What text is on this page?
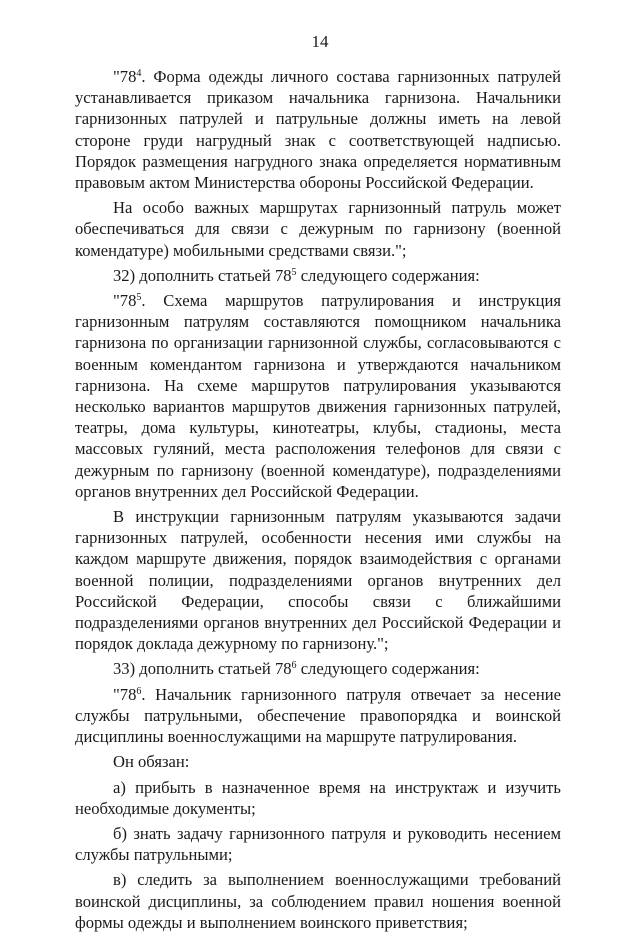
14

"$78^4$. Форма одежды личного состава гарнизонных патрулей устанавливается приказом начальника гарнизона. Начальники гарнизонных патрулей и патрульные должны иметь на левой стороне груди нагрудный знак с соответствующей надписью. Порядок размещения нагрудного знака определяется нормативным правовым актом Министерства обороны Российской Федерации.

На особо важных маршрутах гарнизонный патруль может обеспечиваться для связи с дежурным по гарнизону (военной комендатуре) мобильными средствами связи.";

32) дополнить статьей $78^5$ следующего содержания:

"$78^5$. Схема маршрутов патрулирования и инструкция гарнизонным патрулям составляются помощником начальника гарнизона по организации гарнизонной службы, согласовываются с военным комендантом гарнизона и утверждаются начальником гарнизона. На схеме маршрутов патрулирования указываются несколько вариантов маршрутов движения гарнизонных патрулей, театры, дома культуры, кинотеатры, клубы, стадионы, места массовых гуляний, места расположения телефонов для связи с дежурным по гарнизону (военной комендатуре), подразделениями органов внутренних дел Российской Федерации.

В инструкции гарнизонным патрулям указываются задачи гарнизонных патрулей, особенности несения ими службы на каждом маршруте движения, порядок взаимодействия с органами военной полиции, подразделениями органов внутренних дел Российской Федерации, способы связи с ближайшими подразделениями органов внутренних дел Российской Федерации и порядок доклада дежурному по гарнизону.";

33) дополнить статьей $78^6$ следующего содержания:

"$78^6$. Начальник гарнизонного патруля отвечает за несение службы патрульными, обеспечение правопорядка и воинской дисциплины военнослужащими на маршруте патрулирования.

Он обязан:

а) прибыть в назначенное время на инструктаж и изучить необходимые документы;

б) знать задачу гарнизонного патруля и руководить несением службы патрульными;

в) следить за выполнением военнослужащими требований воинской дисциплины, за соблюдением правил ношения военной формы одежды и выполнением воинского приветствия;
